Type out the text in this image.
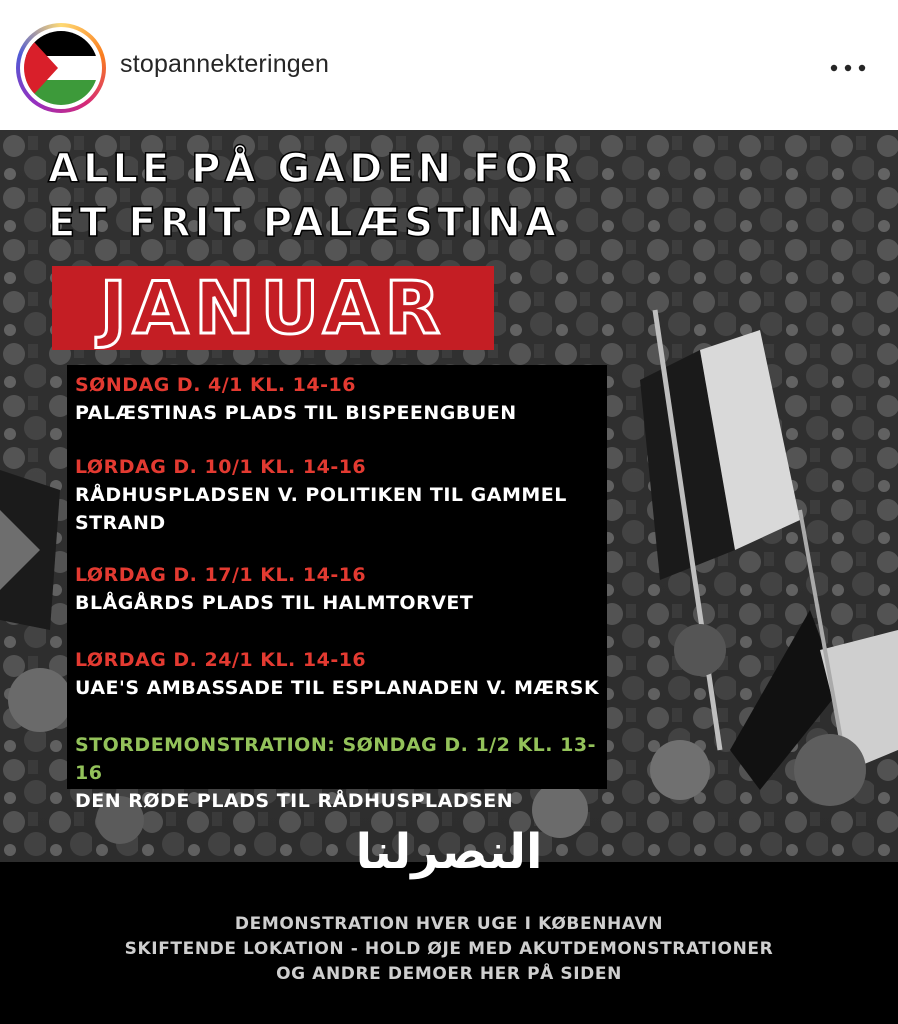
stopannekteringen
ALLE PÅ GADEN FOR
ET FRIT PALÆSTINA
JANUAR
SØNDAG D. 4/1 KL. 14-16
PALÆSTINAS PLADS TIL BISPEENGBUEN
LØRDAG D. 10/1 KL. 14-16
RÅDHUSPLADSEN V. POLITIKEN TIL GAMMEL
STRAND
LØRDAG D. 17/1 KL. 14-16
BLÅGÅRDS PLADS TIL HALMTORVET
LØRDAG D. 24/1 KL. 14-16
UAE'S AMBASSADE TIL ESPLANADEN V. MÆRSK
STORDEMONSTRATION: SØNDAG D. 1/2 KL. 13-16
DEN RØDE PLADS TIL RÅDHUSPLADSEN
النصرلنا
DEMONSTRATION HVER UGE I KØBENHAVN
SKIFTENDE LOKATION - HOLD ØJE MED AKUTDEMONSTRATIONER
OG ANDRE DEMOER HER PÅ SIDEN
